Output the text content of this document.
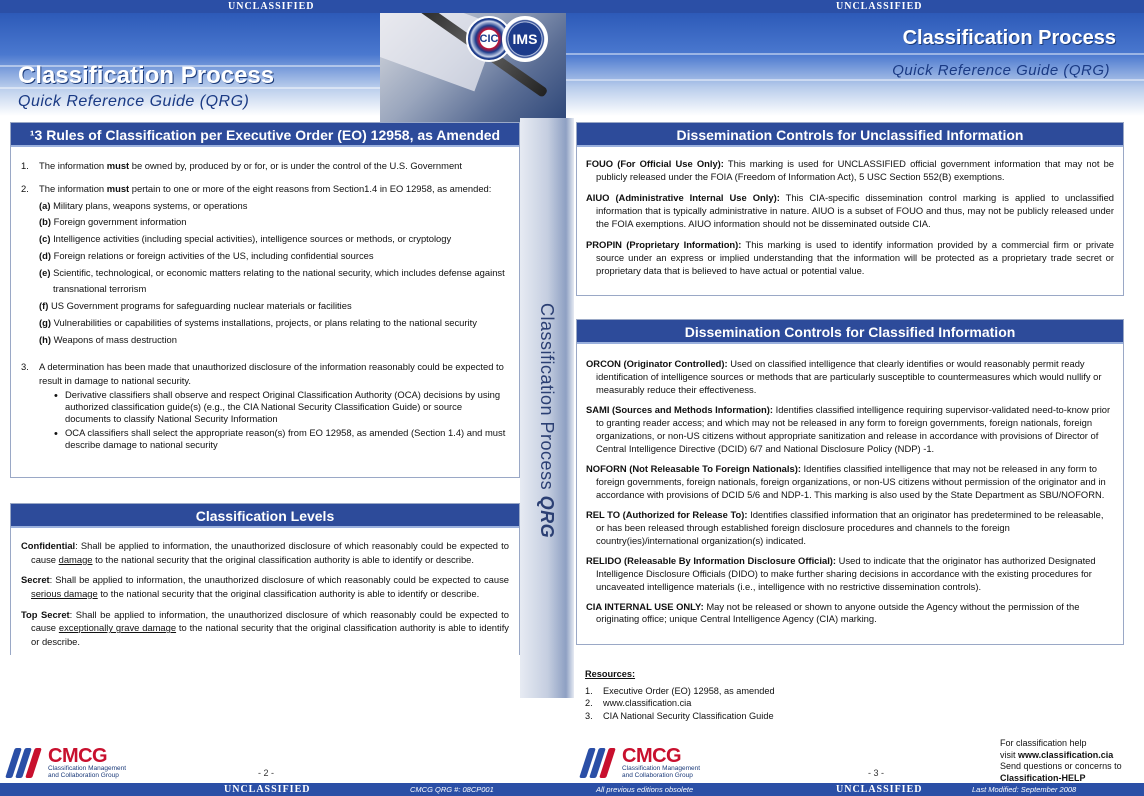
UNCLASSIFIED
CIC IMS
Classification Process
Quick Reference Guide (QRG)
Classification Process QRG
¹3 Rules of Classification per Executive Order (EO) 12958, as Amended
1. The information must be owned by, produced by or for, or is under the control of the U.S. Government
2. The information must pertain to one or more of the eight reasons from Section1.4 in EO 12958, as amended:
(a) Military plans, weapons systems, or operations
(b) Foreign government information
(c) Intelligence activities (including special activities), intelligence sources or methods, or cryptology
(d) Foreign relations or foreign activities of the US, including confidential sources
(e) Scientific, technological, or economic matters relating to the national security, which includes defense against transnational terrorism
(f) US Government programs for safeguarding nuclear materials or facilities
(g) Vulnerabilities or capabilities of systems installations, projects, or plans relating to the national security
(h) Weapons of mass destruction
3. A determination has been made that unauthorized disclosure of the information reasonably could be expected to result in damage to national security.
• Derivative classifiers shall observe and respect Original Classification Authority (OCA) decisions by using authorized classification guide(s) (e.g., the CIA National Security Classification Guide) or source documents to classify National Security Information
• OCA classifiers shall select the appropriate reason(s) from EO 12958, as amended (Section 1.4) and must describe damage to national security
Classification Levels
Confidential: Shall be applied to information, the unauthorized disclosure of which reasonably could be expected to cause damage to the national security that the original classification authority is able to identify or describe.
Secret: Shall be applied to information, the unauthorized disclosure of which reasonably could be expected to cause serious damage to the national security that the original classification authority is able to identify or describe.
Top Secret: Shall be applied to information, the unauthorized disclosure of which reasonably could be expected to cause exceptionally grave damage to the national security that the original classification authority is able to identify or describe.
CMCG
Classification Management
and Collaboration Group	- 2 -
UNCLASSIFIED	CMCG QRG #: 08CP001
UNCLASSIFIED
Classification Process
Quick Reference Guide (QRG)
Dissemination Controls for Unclassified Information
FOUO (For Official Use Only): This marking is used for UNCLASSIFIED official government information that may not be publicly released under the FOIA (Freedom of Information Act), 5 USC Section 552(B) exemptions.
AIUO (Administrative Internal Use Only): This CIA-specific dissemination control marking is applied to unclassified information that is typically administrative in nature. AIUO is a subset of FOUO and thus, may not be publicly released under the FOIA exemptions. AIUO information should not be disseminated outside CIA.
PROPIN (Proprietary Information): This marking is used to identify information provided by a commercial firm or private source under an express or implied understanding that the information will be protected as a proprietary trade secret or proprietary data that is believed to have actual or potential value.
Dissemination Controls for Classified Information
ORCON (Originator Controlled): Used on classified intelligence that clearly identifies or would reasonably permit ready identification of intelligence sources or methods that are particularly susceptible to countermeasures which would nullify or measurably reduce their effectiveness.
SAMI (Sources and Methods Information): Identifies classified intelligence requiring supervisor-validated need-to-know prior to granting reader access; and which may not be released in any form to foreign governments, foreign nationals, foreign organizations, or non-US citizens without appropriate sanitization and release in accordance with provisions of Director of Central Intelligence Directive (DCID) 6/7 and National Disclosure Policy (NDP) -1.
NOFORN (Not Releasable To Foreign Nationals): Identifies classified intelligence that may not be released in any form to foreign governments, foreign nationals, foreign organizations, or non-US citizens without permission of the originator and in accordance with provisions of DCID 5/6 and NDP-1. This marking is also used by the State Department as SBU/NOFORN.
REL TO (Authorized for Release To): Identifies classified information that an originator has predetermined to be releasable, or has been released through established foreign disclosure procedures and channels to the foreign country(ies)/international organization(s) indicated.
RELIDO (Releasable By Information Disclosure Official): Used to indicate that the originator has authorized Designated Intelligence Disclosure Officials (DIDO) to make further sharing decisions in accordance with the existing procedures for uncaveated intelligence materials (i.e., intelligence with no restrictive dissemination controls).
CIA INTERNAL USE ONLY: May not be released or shown to anyone outside the Agency without the permission of the originating office; unique Central Intelligence Agency (CIA) marking.
Resources:
1. Executive Order (EO) 12958, as amended
2. www.classification.cia
3. CIA National Security Classification Guide
CMCG
Classification Management
and Collaboration Group	- 3 -
For classification help
visit www.classification.cia
Send questions or concerns to
Classification-HELP
All previous editions obsolete	UNCLASSIFIED	Last Modified: September 2008
